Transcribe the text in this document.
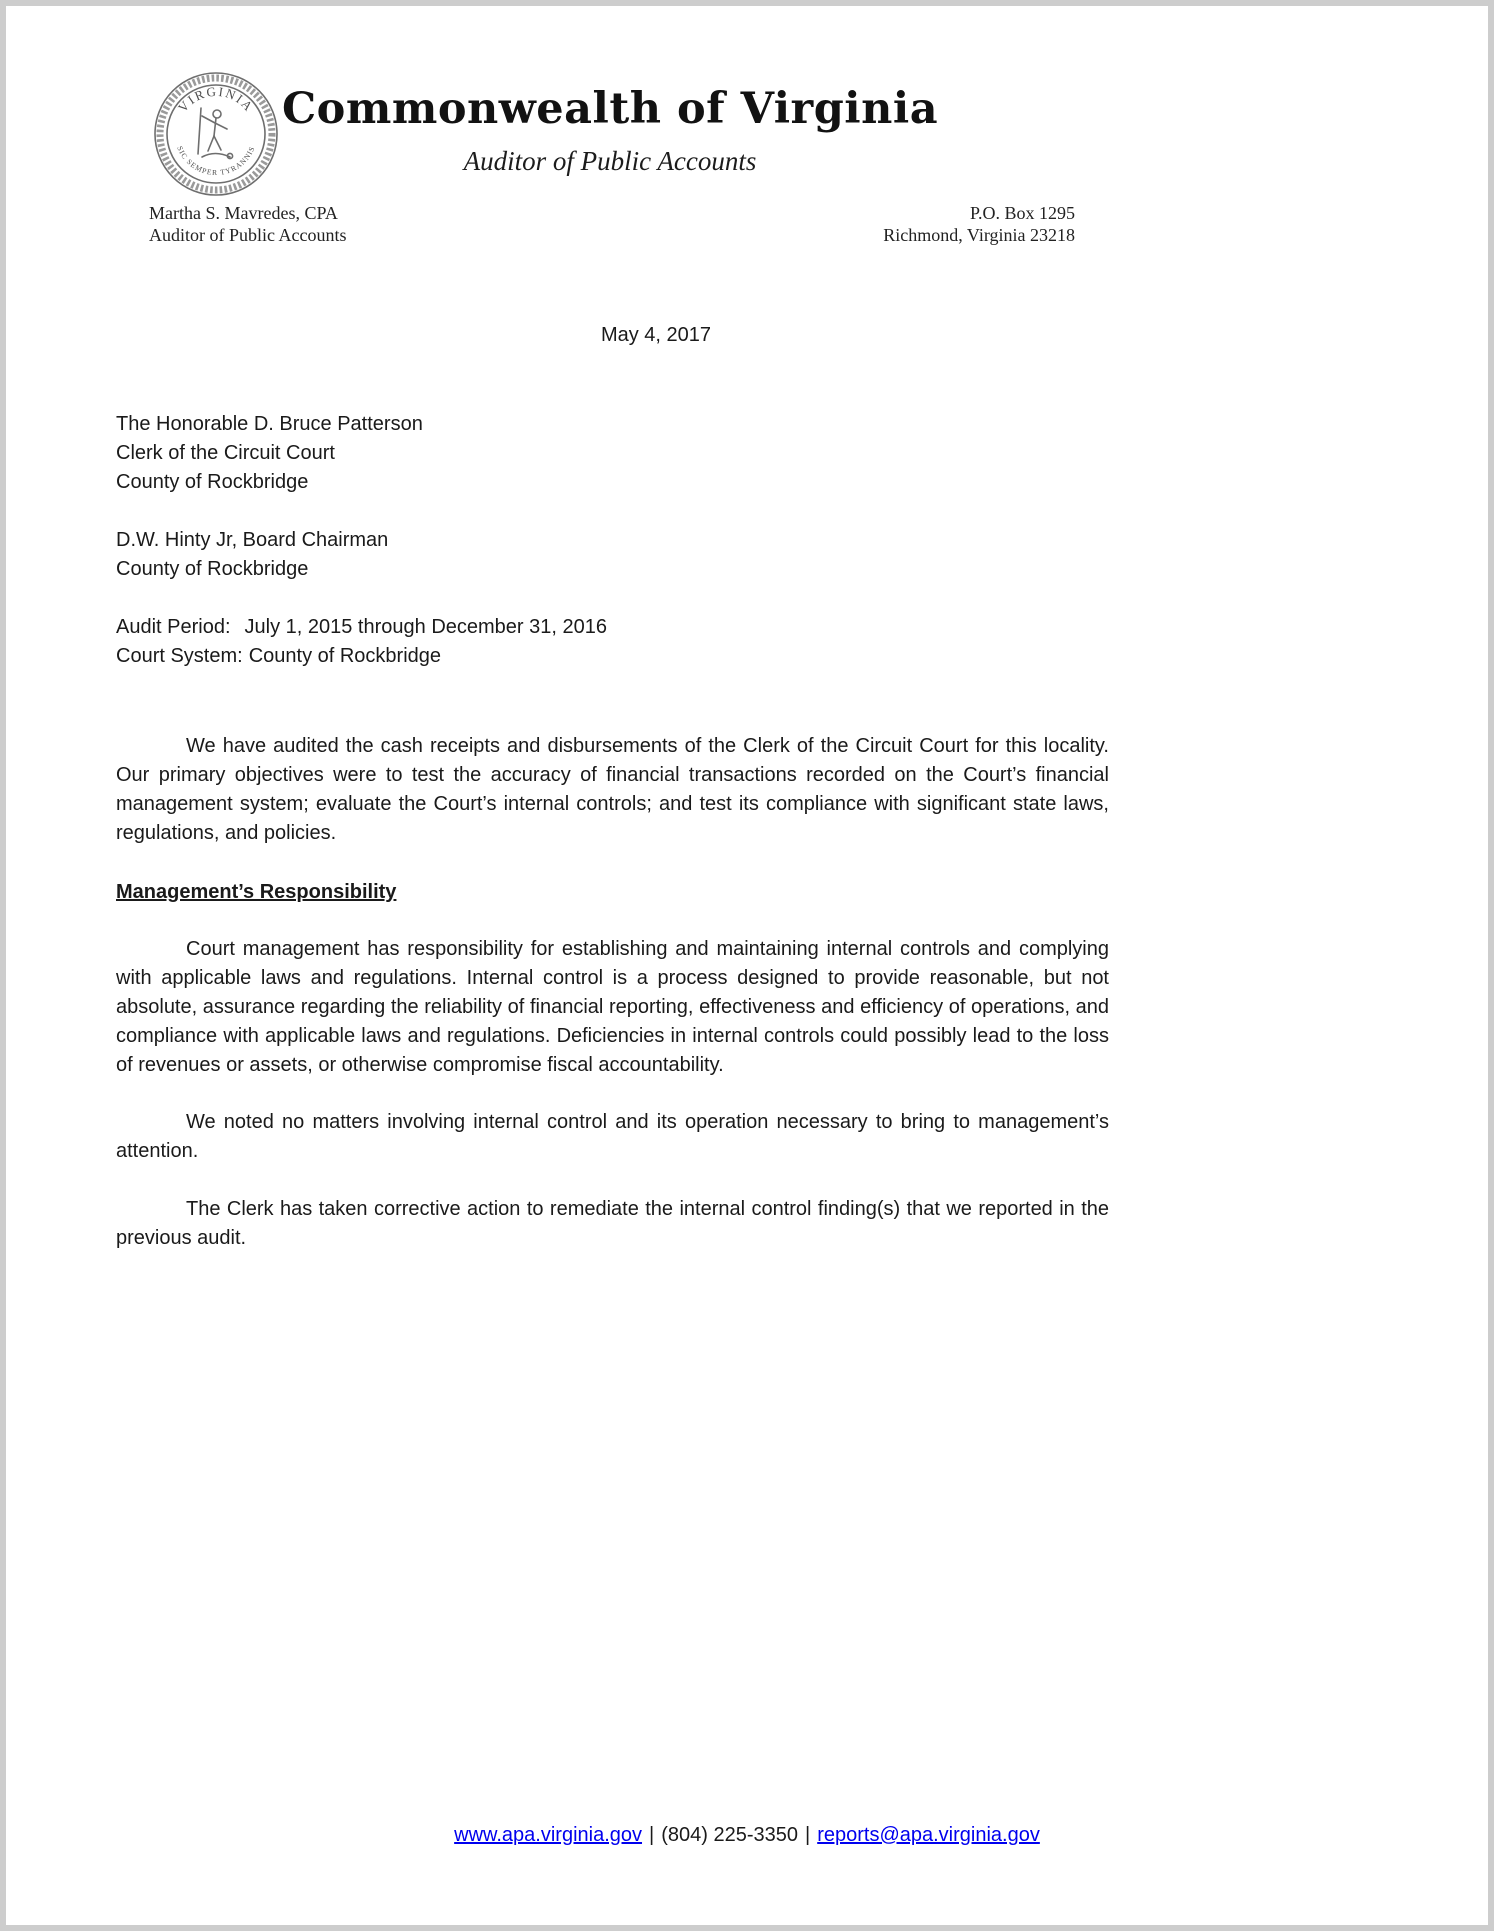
VIRGINIA
SIC SEMPER TYRANNIS
Commonwealth of Virginia
Auditor of Public Accounts
Martha S. Mavredes, CPA
Auditor of Public Accounts
P.O. Box 1295
Richmond, Virginia 23218
May 4, 2017
The Honorable D. Bruce Patterson
Clerk of the Circuit Court
County of Rockbridge
D.W. Hinty Jr, Board Chairman
County of Rockbridge
Audit Period: July 1, 2015 through December 31, 2016
Court System: County of Rockbridge

We have audited the cash receipts and disbursements of the Clerk of the Circuit Court for this locality. Our primary objectives were to test the accuracy of financial transactions recorded on the Court’s financial management system; evaluate the Court’s internal controls; and test its compliance with significant state laws, regulations, and policies.

Management’s Responsibility

Court management has responsibility for establishing and maintaining internal controls and complying with applicable laws and regulations. Internal control is a process designed to provide reasonable, but not absolute, assurance regarding the reliability of financial reporting, effectiveness and efficiency of operations, and compliance with applicable laws and regulations. Deficiencies in internal controls could possibly lead to the loss of revenues or assets, or otherwise compromise fiscal accountability.

We noted no matters involving internal control and its operation necessary to bring to management’s attention.

The Clerk has taken corrective action to remediate the internal control finding(s) that we reported in the previous audit.

www.apa.virginia.gov | (804) 225-3350 | reports@apa.virginia.gov
